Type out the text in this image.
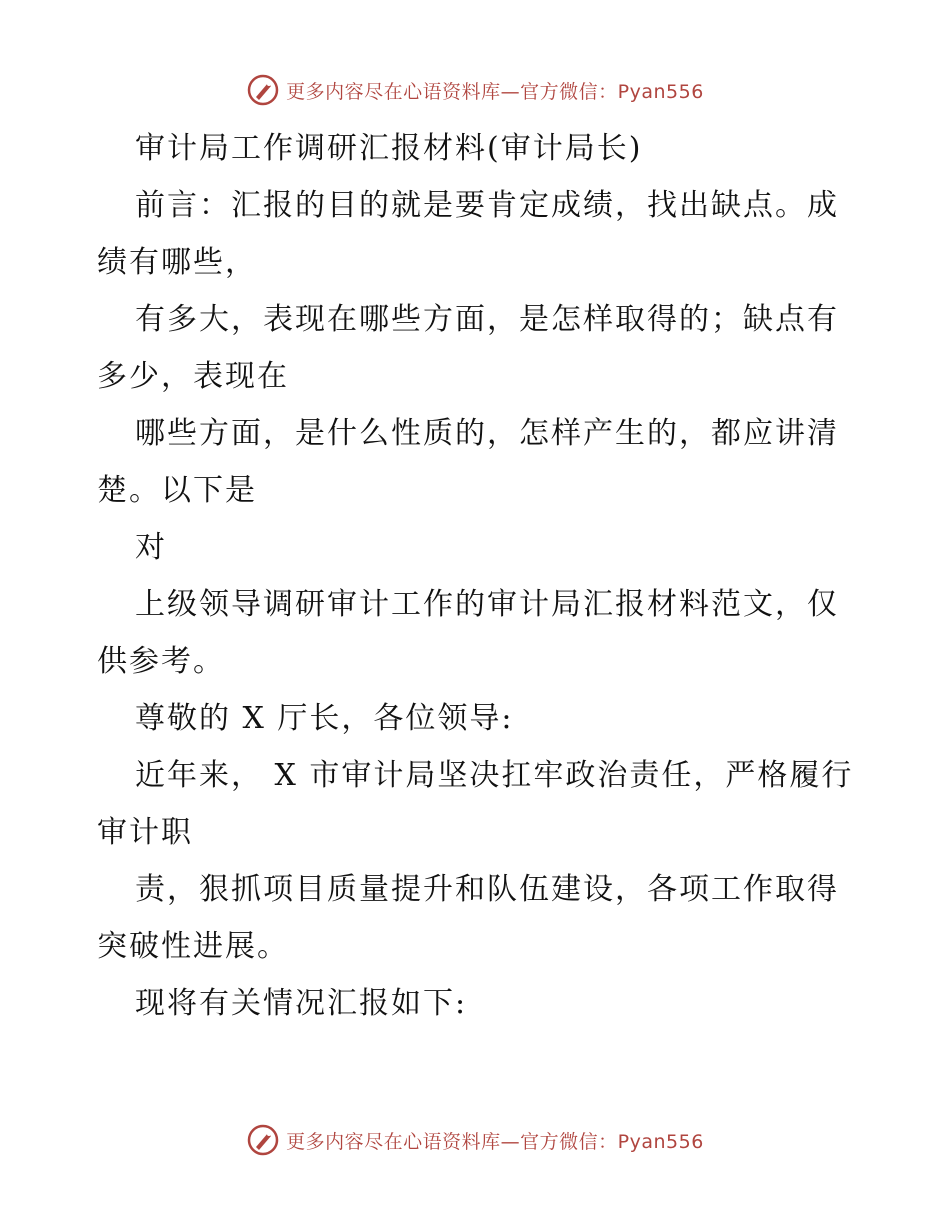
更多内容尽在心语资料库—官方微信：Pyan556

审计局工作调研汇报材料(审计局长)

前言：汇报的目的就是要肯定成绩，找出缺点。成绩有哪些，

有多大，表现在哪些方面，是怎样取得的；缺点有多少，表现在

哪些方面，是什么性质的，怎样产生的，都应讲清楚。以下是

对

上级领导调研审计工作的审计局汇报材料范文，仅供参考。

尊敬的 X 厅长，各位领导:

近年来， X 市审计局坚决扛牢政治责任，严格履行审计职

责，狠抓项目质量提升和队伍建设，各项工作取得突破性进展。

现将有关情况汇报如下:

更多内容尽在心语资料库—官方微信：Pyan556
